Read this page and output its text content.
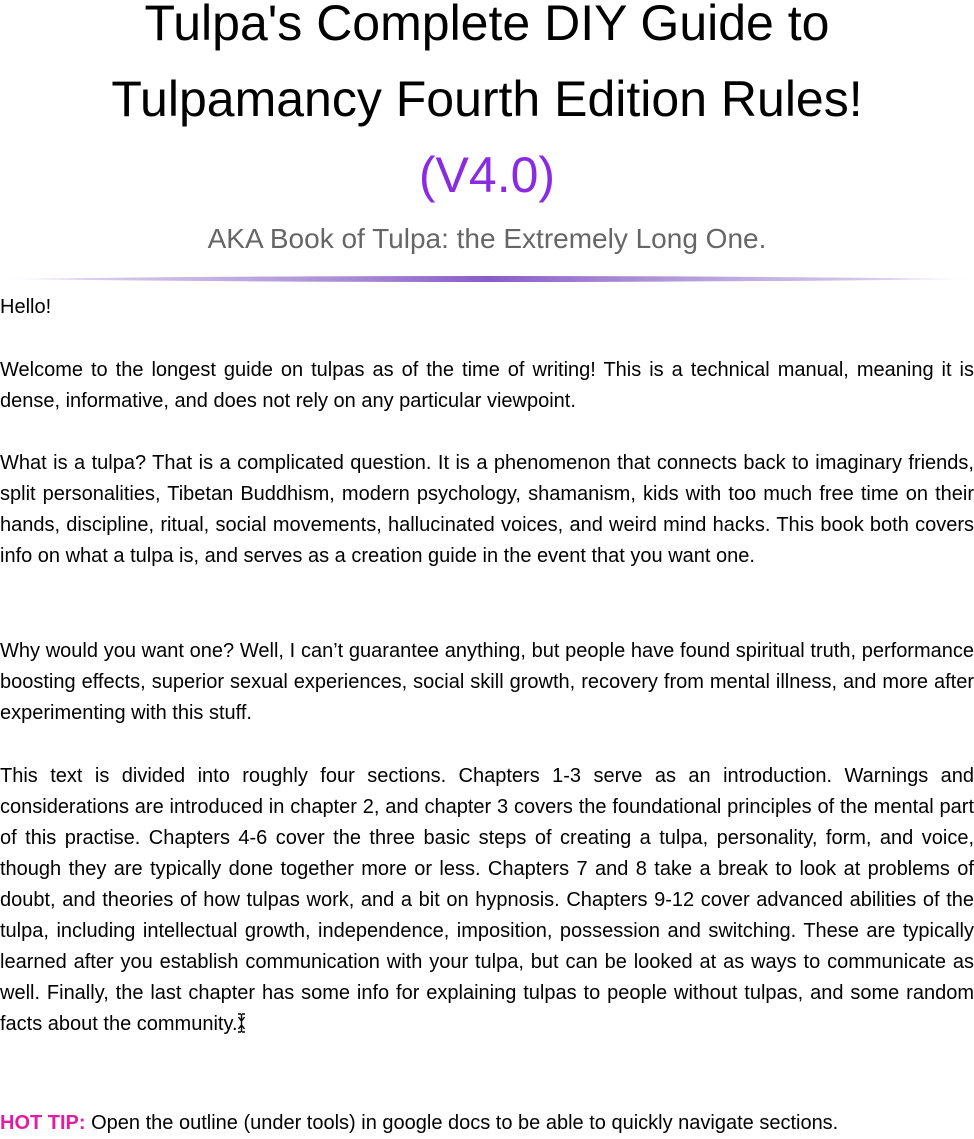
Tulpa's Complete DIY Guide to
Tulpamancy Fourth Edition Rules!
(V4.0)
AKA Book of Tulpa: the Extremely Long One.

Hello!

Welcome to the longest guide on tulpas as of the time of writing! This is a technical manual, meaning it is dense, informative, and does not rely on any particular viewpoint.

What is a tulpa? That is a complicated question. It is a phenomenon that connects back to imaginary friends, split personalities, Tibetan Buddhism, modern psychology, shamanism, kids with too much free time on their hands, discipline, ritual, social movements, hallucinated voices, and weird mind hacks. This book both covers info on what a tulpa is, and serves as a creation guide in the event that you want one.

Why would you want one? Well, I can’t guarantee anything, but people have found spiritual truth, performance boosting effects, superior sexual experiences, social skill growth, recovery from mental illness, and more after experimenting with this stuff.

This text is divided into roughly four sections. Chapters 1-3 serve as an introduction. Warnings and considerations are introduced in chapter 2, and chapter 3 covers the foundational principles of the mental part of this practise. Chapters 4-6 cover the three basic steps of creating a tulpa, personality, form, and voice, though they are typically done together more or less. Chapters 7 and 8 take a break to look at problems of doubt, and theories of how tulpas work, and a bit on hypnosis. Chapters 9-12 cover advanced abilities of the tulpa, including intellectual growth, independence, imposition, possession and switching. These are typically learned after you establish communication with your tulpa, but can be looked at as ways to communicate as well. Finally, the last chapter has some info for explaining tulpas to people without tulpas, and some random facts about the community.

HOT TIP: Open the outline (under tools) in google docs to be able to quickly navigate sections.
